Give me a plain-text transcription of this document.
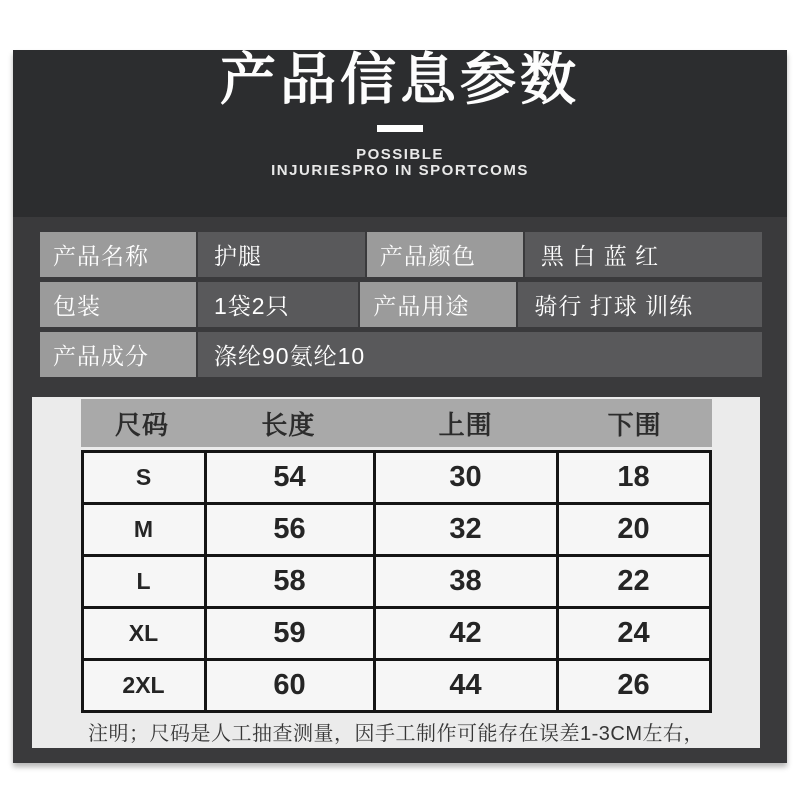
产品信息参数
POSSIBLE
INJURIESPRO IN SPORTCOMS
产品名称	护腿	产品颜色	黑 白 蓝 红
包装	1袋2只	产品用途	骑行 打球 训练
产品成分	涤纶90氨纶10
尺码	长度	上围	下围
S	54	30	18
M	56	32	20
L	58	38	22
XL	59	42	24
2XL	60	44	26
注明；尺码是人工抽查测量，因手工制作可能存在误差1-3CM左右，
